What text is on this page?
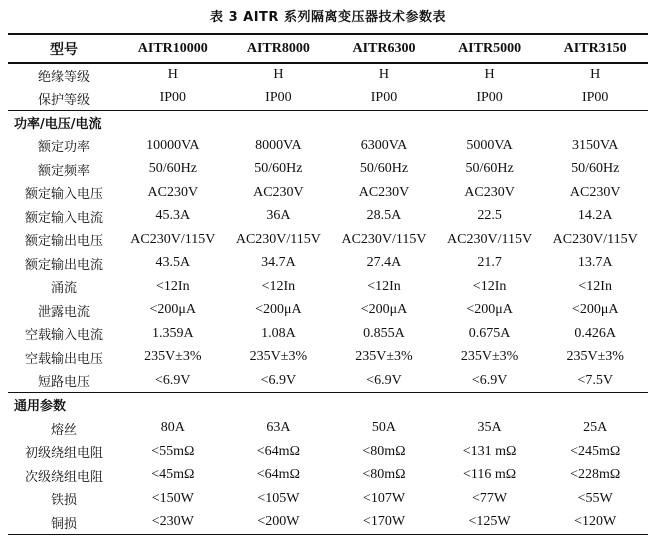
表 3 AITR 系列隔离变压器技术参数表
型号	AITR10000	AITR8000	AITR6300	AITR5000	AITR3150
绝缘等级	H	H	H	H	H
保护等级	IP00	IP00	IP00	IP00	IP00
功率/电压/电流					
额定功率	10000VA	8000VA	6300VA	5000VA	3150VA
额定频率	50/60Hz	50/60Hz	50/60Hz	50/60Hz	50/60Hz
额定输入电压	AC230V	AC230V	AC230V	AC230V	AC230V
额定输入电流	45.3A	36A	28.5A	22.5	14.2A
额定输出电压	AC230V/115V	AC230V/115V	AC230V/115V	AC230V/115V	AC230V/115V
额定输出电流	43.5A	34.7A	27.4A	21.7	13.7A
涌流	<12In	<12In	<12In	<12In	<12In
泄露电流	<200μA	<200μA	<200μA	<200μA	<200μA
空载输入电流	1.359A	1.08A	0.855A	0.675A	0.426A
空载输出电压	235V±3%	235V±3%	235V±3%	235V±3%	235V±3%
短路电压	<6.9V	<6.9V	<6.9V	<6.9V	<7.5V
通用参数					
熔丝	80A	63A	50A	35A	25A
初级绕组电阻	<55mΩ	<64mΩ	<80mΩ	<131 mΩ	<245mΩ
次级绕组电阻	<45mΩ	<64mΩ	<80mΩ	<116 mΩ	<228mΩ
铁损	<150W	<105W	<107W	<77W	<55W
铜损	<230W	<200W	<170W	<125W	<120W
